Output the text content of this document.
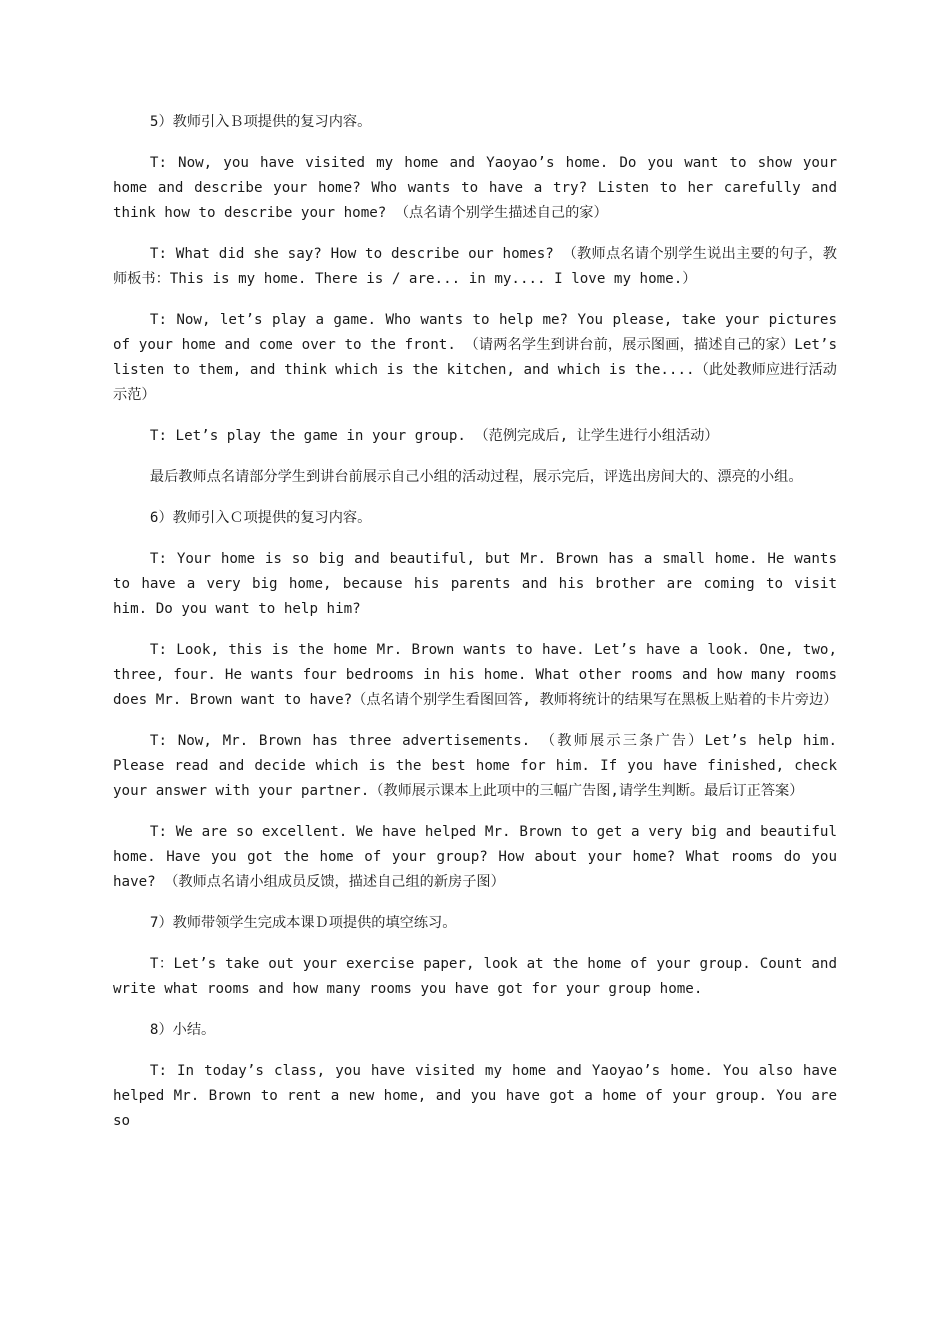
5）教师引入Ｂ项提供的复习内容。

T: Now, you have visited my home and Yaoyao’s home. Do you want to show your home and describe your home? Who wants to have a try? Listen to her carefully and think how to describe your home? （点名请个别学生描述自己的家）

T: What did she say? How to describe our homes? （教师点名请个别学生说出主要的句子，教师板书：This is my home. There is / are... in my.... I love my home.）

T: Now, let’s play a game. Who wants to help me? You please, take your pictures of your home and come over to the front. （请两名学生到讲台前，展示图画，描述自己的家）Let’s listen to them, and think which is the kitchen, and which is the....（此处教师应进行活动示范）

T: Let’s play the game in your group. （范例完成后, 让学生进行小组活动）

最后教师点名请部分学生到讲台前展示自己小组的活动过程，展示完后，评选出房间大的、漂亮的小组。

6）教师引入Ｃ项提供的复习内容。

T: Your home is so big and beautiful, but Mr. Brown has a small home. He wants to have a very big home, because his parents and his brother are coming to visit him. Do you want to help him?

T: Look, this is the home Mr. Brown wants to have. Let’s have a look. One, two, three, four. He wants four bedrooms in his home. What other rooms and how many rooms does Mr. Brown want to have?（点名请个别学生看图回答, 教师将统计的结果写在黑板上贴着的卡片旁边）

T: Now, Mr. Brown has three advertisements. （教师展示三条广告）Let’s help him. Please read and decide which is the best home for him. If you have finished, check your answer with your partner.（教师展示课本上此项中的三幅广告图,请学生判断。最后订正答案）

T: We are so excellent. We have helped Mr. Brown to get a very big and beautiful home. Have you got the home of your group? How about your home? What rooms do you have? （教师点名请小组成员反馈，描述自己组的新房子图）

7）教师带领学生完成本课Ｄ项提供的填空练习。

T：Let’s take out your exercise paper, look at the home of your group. Count and write what rooms and how many rooms you have got for your group home.

8）小结。

T: In today’s class, you have visited my home and Yaoyao’s home. You also have helped Mr. Brown to rent a new home, and you have got a home of your group. You are so
